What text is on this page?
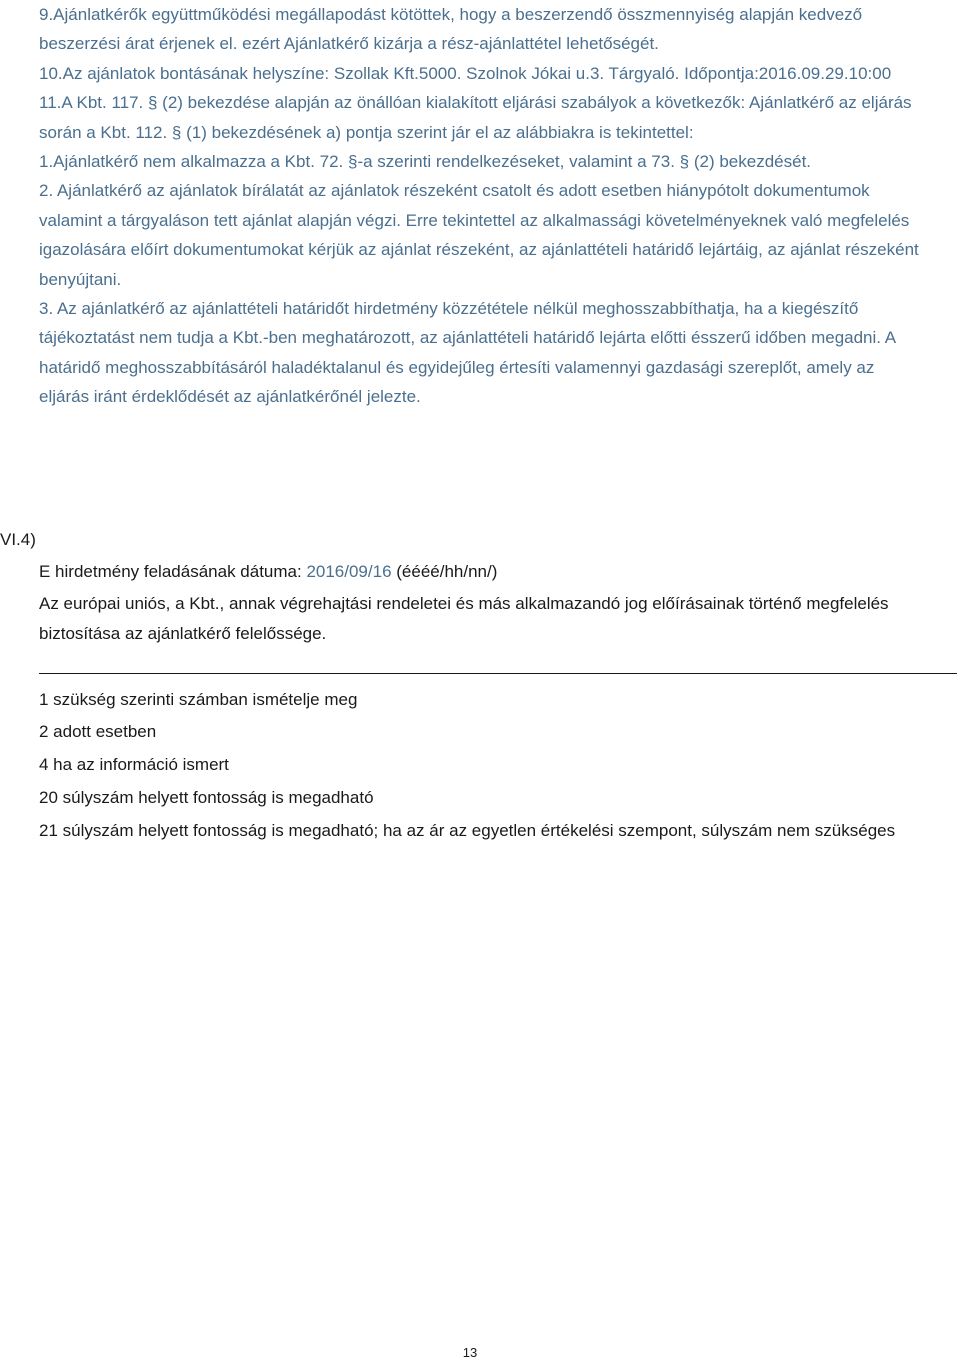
9.Ajánlatkérők együttműködési megállapodást kötöttek, hogy a beszerzendő összmennyiség alapján kedvező beszerzési árat érjenek el. ezért Ajánlatkérő kizárja a rész-ajánlattétel lehetőségét.

10.Az ajánlatok bontásának helyszíne: Szollak Kft.5000. Szolnok Jókai u.3. Tárgyaló. Időpontja:2016.09.29.10:00

11.A Kbt. 117. § (2) bekezdése alapján az önállóan kialakított eljárási szabályok a következők: Ajánlatkérő az eljárás során a Kbt. 112. § (1) bekezdésének a) pontja szerint jár el az alábbiakra is tekintettel:

1.Ajánlatkérő nem alkalmazza a Kbt. 72. §-a szerinti rendelkezéseket, valamint a 73. § (2) bekezdését.

2. Ajánlatkérő az ajánlatok bírálatát az ajánlatok részeként csatolt és adott esetben hiánypótolt dokumentumok valamint a tárgyaláson tett ajánlat alapján végzi. Erre tekintettel az alkalmassági követelményeknek való megfelelés igazolására előírt dokumentumokat kérjük az ajánlat részeként, az ajánlattételi határidő lejártáig, az ajánlat részeként benyújtani.

3. Az ajánlatkérő az ajánlattételi határidőt hirdetmény közzététele nélkül meghosszabbíthatja, ha a kiegészítő tájékoztatást nem tudja a Kbt.-ben meghatározott, az ajánlattételi határidő lejárta előtti ésszerű időben megadni. A határidő meghosszabbításáról haladéktalanul és egyidejűleg értesíti valamennyi gazdasági szereplőt, amely az eljárás iránt érdeklődését az ajánlatkérőnél jelezte.

VI.4)
E hirdetmény feladásának dátuma: 2016/09/16 (éééé/hh/nn/)
Az európai uniós, a Kbt., annak végrehajtási rendeletei és más alkalmazandó jog előírásainak történő megfelelés biztosítása az ajánlatkérő felelőssége.
1 szükség szerinti számban ismételje meg
2 adott esetben
4 ha az információ ismert
20 súlyszám helyett fontosság is megadható
21 súlyszám helyett fontosság is megadható; ha az ár az egyetlen értékelési szempont, súlyszám nem szükséges
13
